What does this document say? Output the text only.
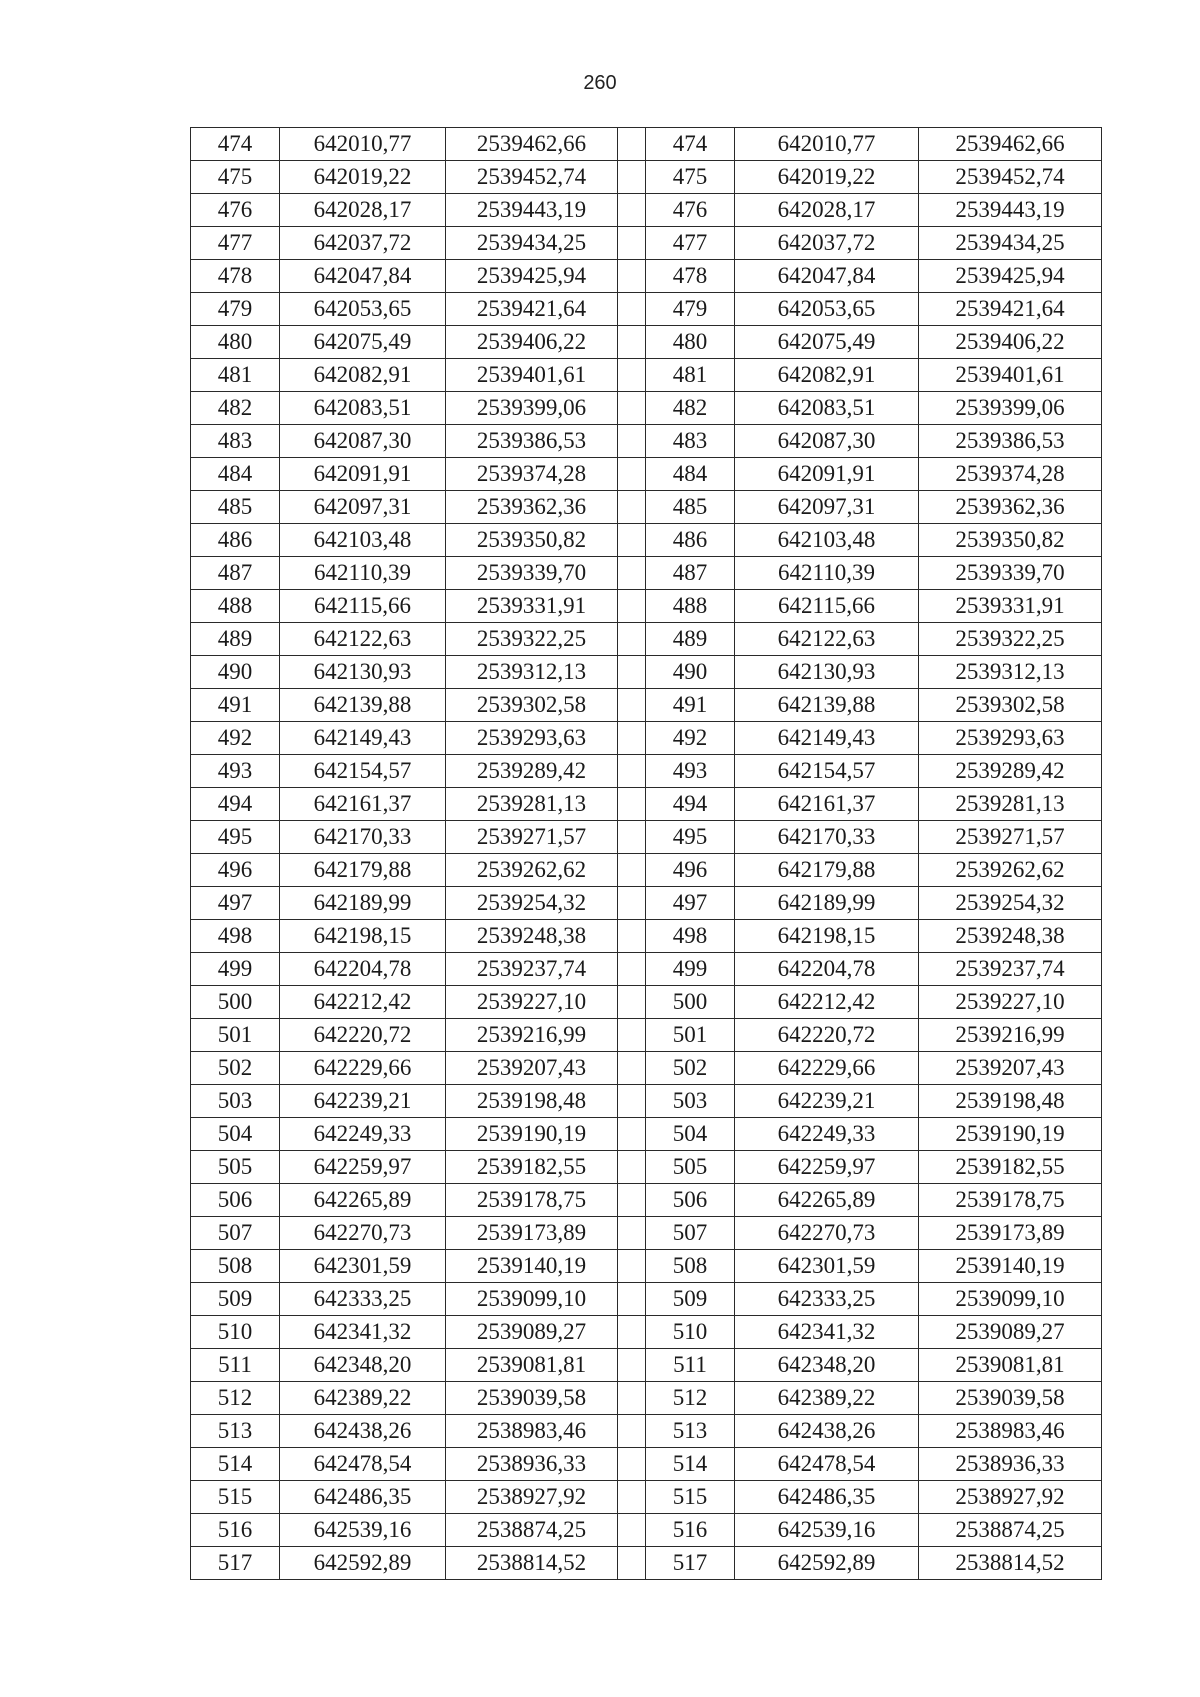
260
474	642010,77	2539462,66		474	642010,77	2539462,66
475	642019,22	2539452,74		475	642019,22	2539452,74
476	642028,17	2539443,19		476	642028,17	2539443,19
477	642037,72	2539434,25		477	642037,72	2539434,25
478	642047,84	2539425,94		478	642047,84	2539425,94
479	642053,65	2539421,64		479	642053,65	2539421,64
480	642075,49	2539406,22		480	642075,49	2539406,22
481	642082,91	2539401,61		481	642082,91	2539401,61
482	642083,51	2539399,06		482	642083,51	2539399,06
483	642087,30	2539386,53		483	642087,30	2539386,53
484	642091,91	2539374,28		484	642091,91	2539374,28
485	642097,31	2539362,36		485	642097,31	2539362,36
486	642103,48	2539350,82		486	642103,48	2539350,82
487	642110,39	2539339,70		487	642110,39	2539339,70
488	642115,66	2539331,91		488	642115,66	2539331,91
489	642122,63	2539322,25		489	642122,63	2539322,25
490	642130,93	2539312,13		490	642130,93	2539312,13
491	642139,88	2539302,58		491	642139,88	2539302,58
492	642149,43	2539293,63		492	642149,43	2539293,63
493	642154,57	2539289,42		493	642154,57	2539289,42
494	642161,37	2539281,13		494	642161,37	2539281,13
495	642170,33	2539271,57		495	642170,33	2539271,57
496	642179,88	2539262,62		496	642179,88	2539262,62
497	642189,99	2539254,32		497	642189,99	2539254,32
498	642198,15	2539248,38		498	642198,15	2539248,38
499	642204,78	2539237,74		499	642204,78	2539237,74
500	642212,42	2539227,10		500	642212,42	2539227,10
501	642220,72	2539216,99		501	642220,72	2539216,99
502	642229,66	2539207,43		502	642229,66	2539207,43
503	642239,21	2539198,48		503	642239,21	2539198,48
504	642249,33	2539190,19		504	642249,33	2539190,19
505	642259,97	2539182,55		505	642259,97	2539182,55
506	642265,89	2539178,75		506	642265,89	2539178,75
507	642270,73	2539173,89		507	642270,73	2539173,89
508	642301,59	2539140,19		508	642301,59	2539140,19
509	642333,25	2539099,10		509	642333,25	2539099,10
510	642341,32	2539089,27		510	642341,32	2539089,27
511	642348,20	2539081,81		511	642348,20	2539081,81
512	642389,22	2539039,58		512	642389,22	2539039,58
513	642438,26	2538983,46		513	642438,26	2538983,46
514	642478,54	2538936,33		514	642478,54	2538936,33
515	642486,35	2538927,92		515	642486,35	2538927,92
516	642539,16	2538874,25		516	642539,16	2538874,25
517	642592,89	2538814,52		517	642592,89	2538814,52
